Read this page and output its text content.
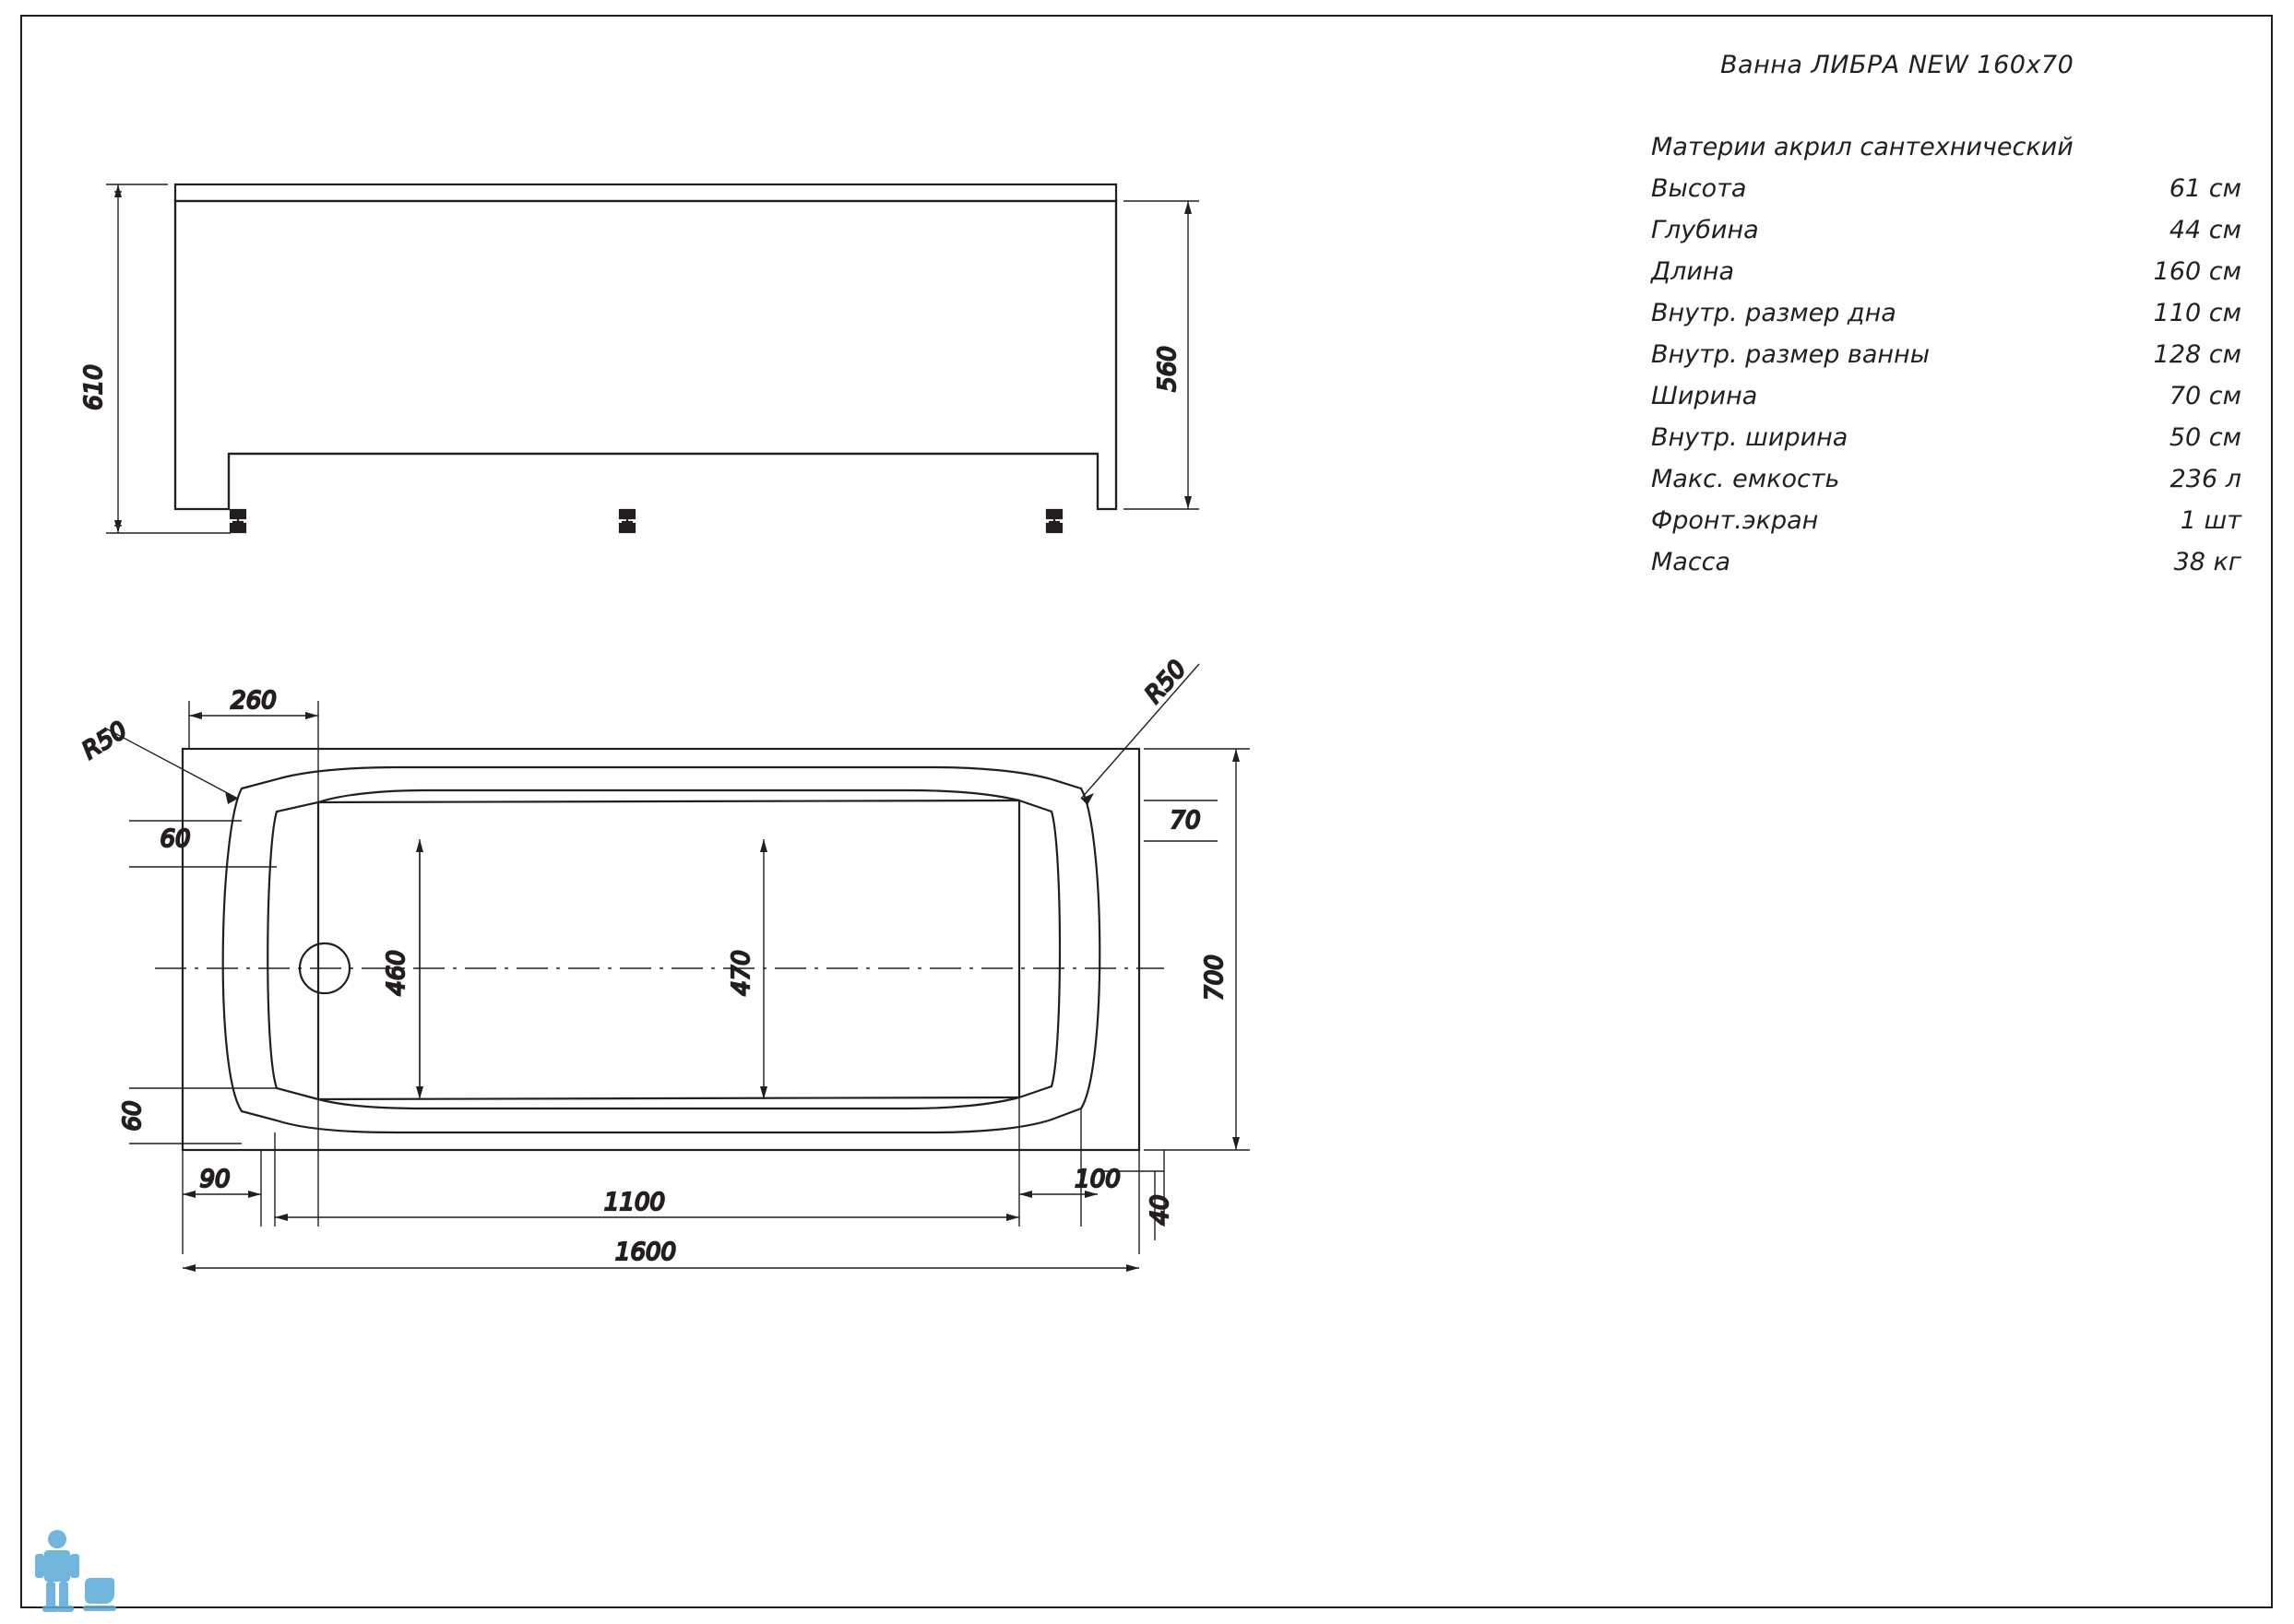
610	560
R50
R50
260
60
60
70
700
460	470
90
1100
100
40
1600
Ванна ЛИБРА NEW 160х70
Материи акрил сантехнический
Высота	61 см
Глубина	44 см
Длина	160 см
Внутр. размер дна	110 см
Внутр. размер ванны	128 см
Ширина	70 см
Внутр. ширина	50 см
Макс. емкость	236 л
Фронт.экран	1 шт
Масса	38 кг
